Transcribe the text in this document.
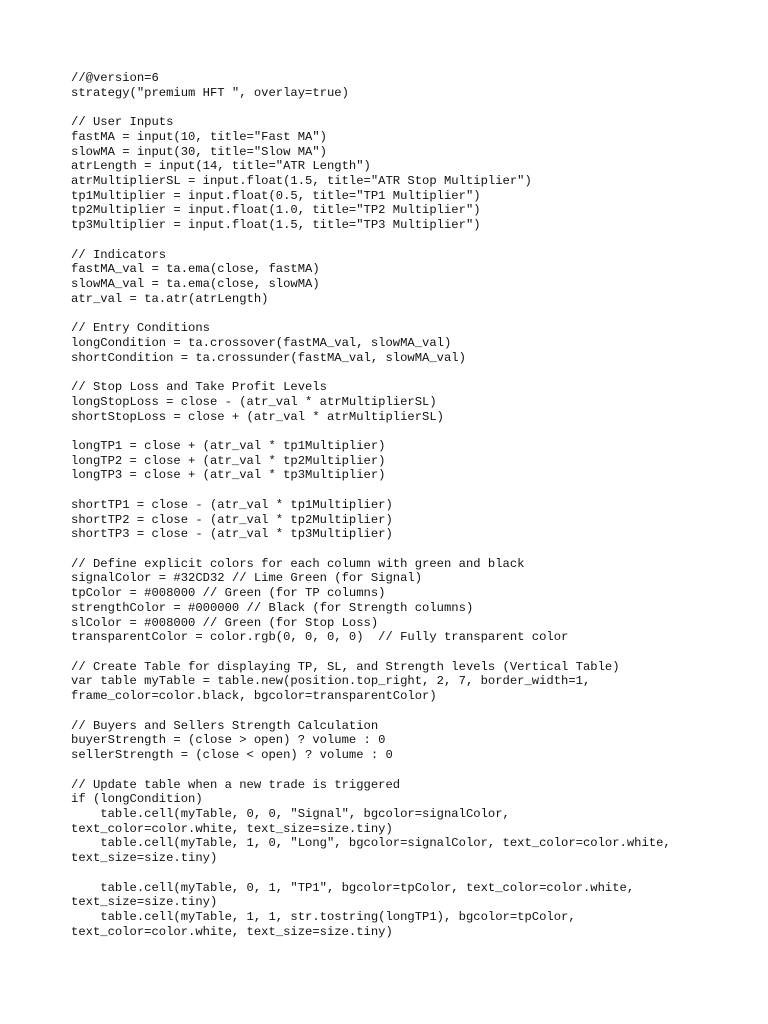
//@version=6
strategy("premium HFT ", overlay=true)

// User Inputs
fastMA = input(10, title="Fast MA")
slowMA = input(30, title="Slow MA")
atrLength = input(14, title="ATR Length")
atrMultiplierSL = input.float(1.5, title="ATR Stop Multiplier")
tp1Multiplier = input.float(0.5, title="TP1 Multiplier")
tp2Multiplier = input.float(1.0, title="TP2 Multiplier")
tp3Multiplier = input.float(1.5, title="TP3 Multiplier")

// Indicators
fastMA_val = ta.ema(close, fastMA)
slowMA_val = ta.ema(close, slowMA)
atr_val = ta.atr(atrLength)

// Entry Conditions
longCondition = ta.crossover(fastMA_val, slowMA_val)
shortCondition = ta.crossunder(fastMA_val, slowMA_val)

// Stop Loss and Take Profit Levels
longStopLoss = close - (atr_val * atrMultiplierSL)
shortStopLoss = close + (atr_val * atrMultiplierSL)

longTP1 = close + (atr_val * tp1Multiplier)
longTP2 = close + (atr_val * tp2Multiplier)
longTP3 = close + (atr_val * tp3Multiplier)

shortTP1 = close - (atr_val * tp1Multiplier)
shortTP2 = close - (atr_val * tp2Multiplier)
shortTP3 = close - (atr_val * tp3Multiplier)

// Define explicit colors for each column with green and black
signalColor = #32CD32 // Lime Green (for Signal)
tpColor = #008000 // Green (for TP columns)
strengthColor = #000000 // Black (for Strength columns)
slColor = #008000 // Green (for Stop Loss)
transparentColor = color.rgb(0, 0, 0, 0)  // Fully transparent color

// Create Table for displaying TP, SL, and Strength levels (Vertical Table)
var table myTable = table.new(position.top_right, 2, 7, border_width=1,
frame_color=color.black, bgcolor=transparentColor)

// Buyers and Sellers Strength Calculation
buyerStrength = (close > open) ? volume : 0
sellerStrength = (close < open) ? volume : 0

// Update table when a new trade is triggered
if (longCondition)
table.cell(myTable, 0, 0, "Signal", bgcolor=signalColor,
text_color=color.white, text_size=size.tiny)
table.cell(myTable, 1, 0, "Long", bgcolor=signalColor, text_color=color.white,
text_size=size.tiny)

table.cell(myTable, 0, 1, "TP1", bgcolor=tpColor, text_color=color.white,
text_size=size.tiny)
table.cell(myTable, 1, 1, str.tostring(longTP1), bgcolor=tpColor,
text_color=color.white, text_size=size.tiny)
